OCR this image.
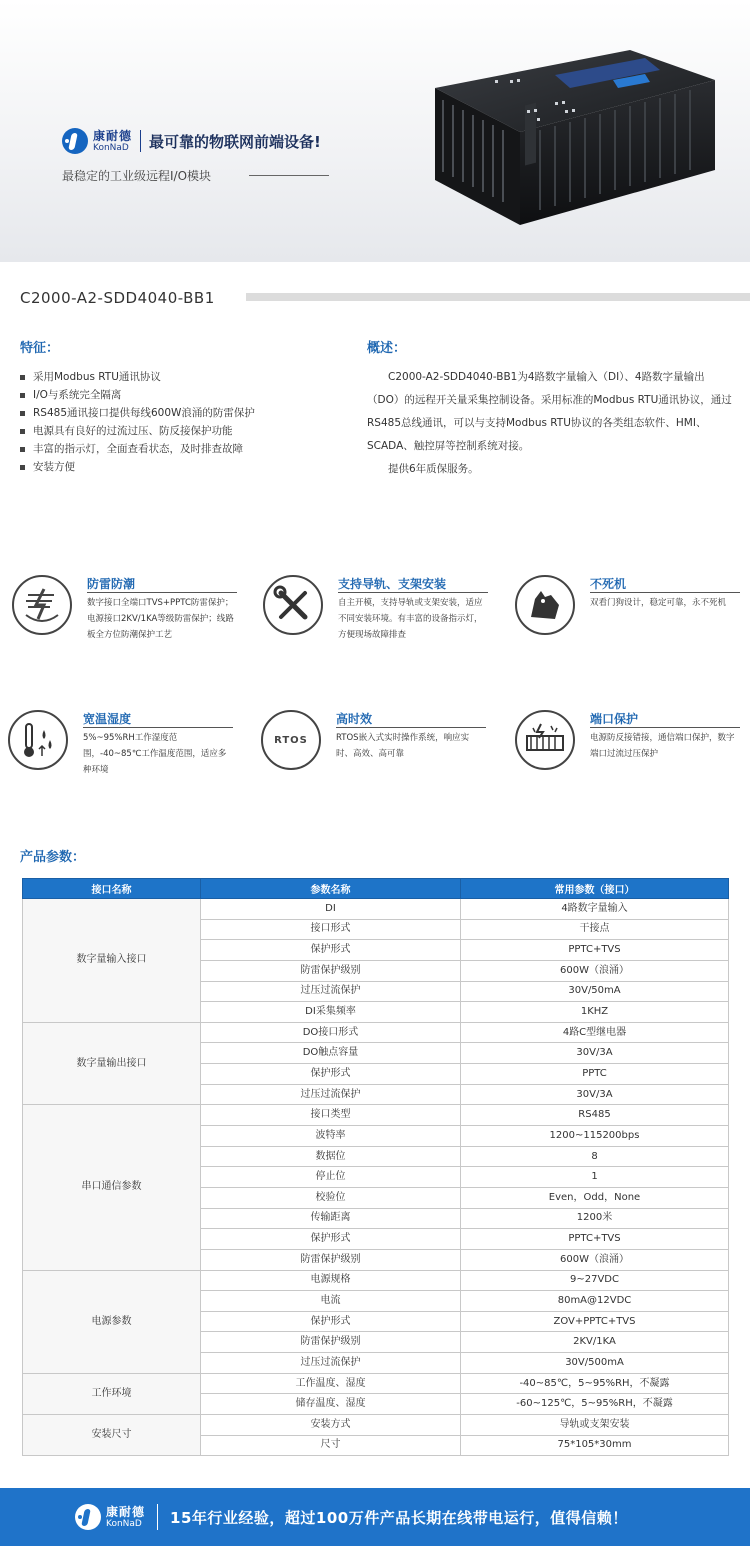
康耐德
KonNaD 最可靠的物联网前端设备!
最稳定的工业级远程I/O模块
C2000-A2-SDD4040-BB1
特征：
采用Modbus RTU通讯协议
I/O与系统完全隔离
RS485通讯接口提供每线600W浪涌的防雷保护
电源具有良好的过流过压、防反接保护功能
丰富的指示灯，全面查看状态，及时排查故障
安装方便
概述：

C2000-A2-SDD4040-BB1为4路数字量输入（DI）、4路数字量输出（DO）的远程开关量采集控制设备。采用标准的Modbus RTU通讯协议，通过RS485总线通讯，可以与支持Modbus RTU协议的各类组态软件、HMI、SCADA、触控屏等控制系统对接。

提供6年质保服务。

防雷防潮
数字接口全端口TVS+PPTC防雷保护；电源接口2KV/1KA等级防雷保护；线路板全方位防潮保护工艺
支持导轨、支架安装
自主开模，支持导轨或支架安装，适应不同安装环境。有丰富的设备指示灯，方便现场故障排查
不死机
双看门狗设计，稳定可靠，永不死机
宽温湿度
5%~95%RH工作湿度范围，-40~85℃工作温度范围，适应多种环境
RTOS
高时效
RTOS嵌入式实时操作系统，响应实时、高效、高可靠
端口保护
电源防反接错接，通信端口保护，数字端口过流过压保护
产品参数：
接口名称	参数名称	常用参数（接口）
数字量输入接口	DI	4路数字量输入
	接口形式	干接点
	保护形式	PPTC+TVS
	防雷保护级别	600W（浪涌）
	过压过流保护	30V/50mA
	DI采集频率	1KHZ
数字量输出接口	DO接口形式	4路C型继电器
	DO触点容量	30V/3A
	保护形式	PPTC
	过压过流保护	30V/3A
串口通信参数	接口类型	RS485
	波特率	1200~115200bps
	数据位	8
	停止位	1
	校验位	Even，Odd，None
	传输距离	1200米
	保护形式	PPTC+TVS
	防雷保护级别	600W（浪涌）
电源参数	电源规格	9~27VDC
	电流	80mA@12VDC
	保护形式	ZOV+PPTC+TVS
	防雷保护级别	2KV/1KA
	过压过流保护	30V/500mA
工作环境	工作温度、湿度	-40~85℃，5~95%RH，不凝露
	储存温度、湿度	-60~125℃，5~95%RH，不凝露
安装尺寸	安装方式	导轨或支架安装
	尺寸	75*105*30mm
康耐德
KonNaD 15年行业经验，超过100万件产品长期在线带电运行，值得信赖！
